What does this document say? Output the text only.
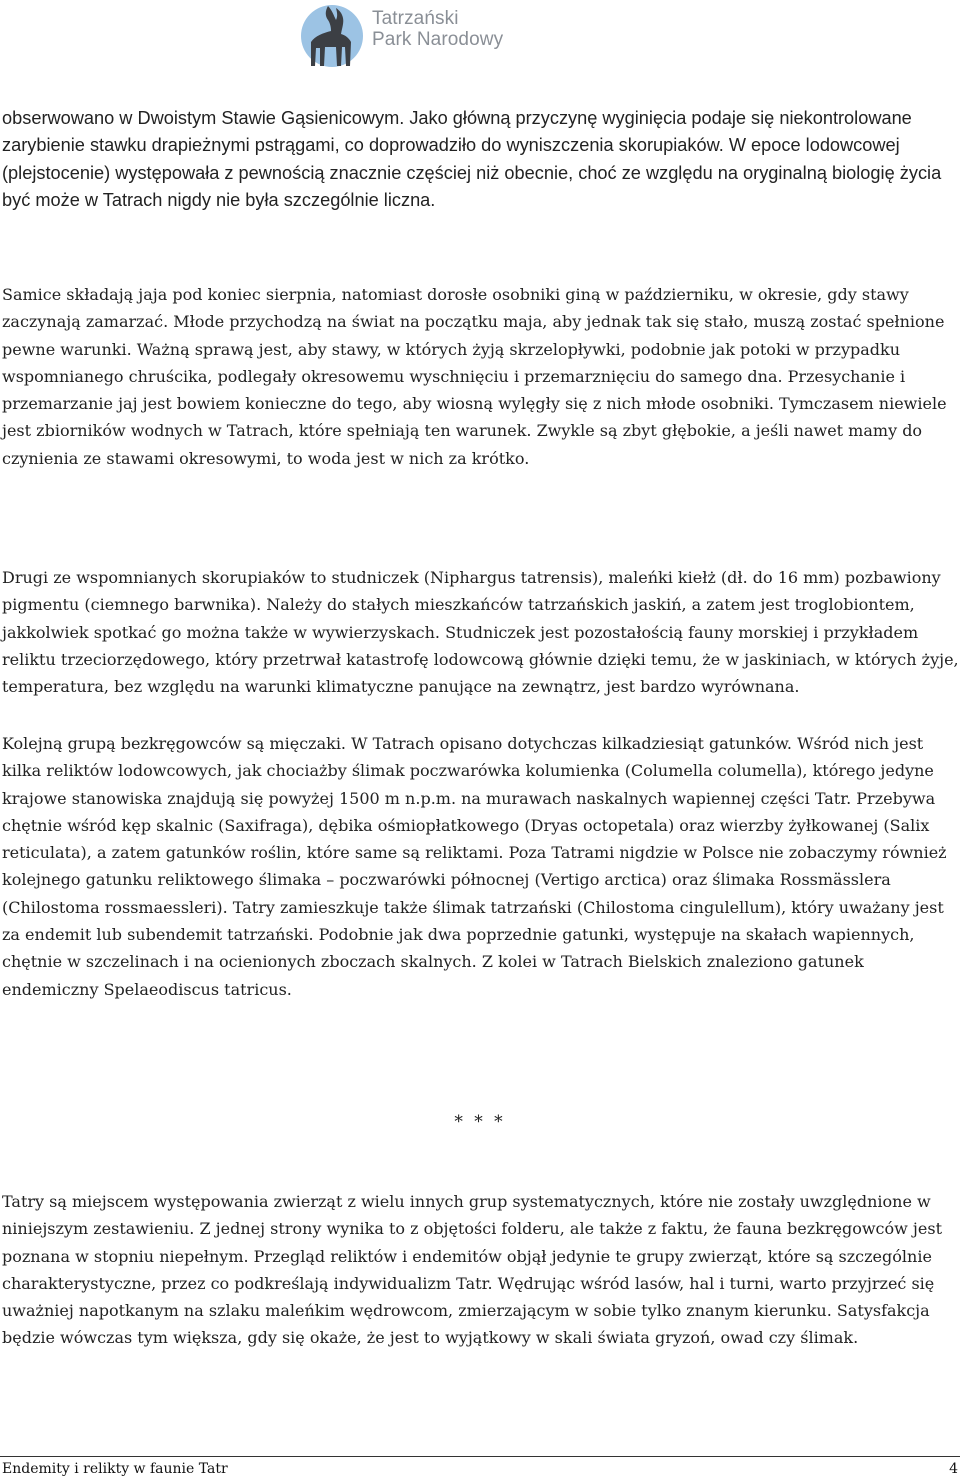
Tatrzański
Park Narodowy

obserwowano w Dwoistym Stawie Gąsienicowym. Jako główną przyczynę wyginięcia podaje się niekontrolowane zarybienie stawku drapieżnymi pstrągami, co doprowadziło do wyniszczenia skorupiaków. W epoce lodowcowej (plejstocenie) występowała z pewnością znacznie częściej niż obecnie, choć ze względu na oryginalną biologię życia być może w Tatrach nigdy nie była szczególnie liczna.

Samice składają jaja pod koniec sierpnia, natomiast dorosłe osobniki giną w październiku, w okresie, gdy stawy zaczynają zamarzać. Młode przychodzą na świat na początku maja, aby jednak tak się stało, muszą zostać spełnione pewne warunki. Ważną sprawą jest, aby stawy, w których żyją skrzelopływki, podobnie jak potoki w przypadku wspomnianego chruścika, podlegały okresowemu wyschnięciu i przemarznięciu do samego dna. Przesychanie i przemarzanie jaj jest bowiem konieczne do tego, aby wiosną wylęgły się z nich młode osobniki. Tymczasem niewiele jest zbiorników wodnych w Tatrach, które spełniają ten warunek. Zwykle są zbyt głębokie, a jeśli nawet mamy do czynienia ze stawami okresowymi, to woda jest w nich za krótko.

Drugi ze wspomnianych skorupiaków to studniczek (Niphargus tatrensis), maleńki kiełż (dł. do 16 mm) pozbawiony pigmentu (ciemnego barwnika). Należy do stałych mieszkańców tatrzańskich jaskiń, a zatem jest troglobiontem, jakkolwiek spotkać go można także w wywierzyskach. Studniczek jest pozostałością fauny morskiej i przykładem reliktu trzeciorzędowego, który przetrwał katastrofę lodowcową głównie dzięki temu, że w jaskiniach, w których żyje, temperatura, bez względu na warunki klimatyczne panujące na zewnątrz, jest bardzo wyrównana.

Kolejną grupą bezkręgowców są mięczaki. W Tatrach opisano dotychczas kilkadziesiąt gatunków. Wśród nich jest kilka reliktów lodowcowych, jak chociażby ślimak poczwarówka kolumienka (Columella columella), którego jedyne krajowe stanowiska znajdują się powyżej 1500 m n.p.m. na murawach naskalnych wapiennej części Tatr. Przebywa chętnie wśród kęp skalnic (Saxifraga), dębika ośmiopłatkowego (Dryas octopetala) oraz wierzby żyłkowanej (Salix reticulata), a zatem gatunków roślin, które same są reliktami. Poza Tatrami nigdzie w Polsce nie zobaczymy również kolejnego gatunku reliktowego ślimaka – poczwarówki północnej (Vertigo arctica) oraz ślimaka Rossmässlera (Chilostoma rossmaessleri). Tatry zamieszkuje także ślimak tatrzański (Chilostoma cingulellum), który uważany jest za endemit lub subendemit tatrzański. Podobnie jak dwa poprzednie gatunki, występuje na skałach wapiennych, chętnie w szczelinach i na ocienionych zboczach skalnych. Z kolei w Tatrach Bielskich znaleziono gatunek endemiczny Spelaeodiscus tatricus.

* * *

Tatry są miejscem występowania zwierząt z wielu innych grup systematycznych, które nie zostały uwzględnione w niniejszym zestawieniu. Z jednej strony wynika to z objętości folderu, ale także z faktu, że fauna bezkręgowców jest poznana w stopniu niepełnym. Przegląd reliktów i endemitów objął jedynie te grupy zwierząt, które są szczególnie charakterystyczne, przez co podkreślają indywidualizm Tatr. Wędrując wśród lasów, hal i turni, warto przyjrzeć się uważniej napotkanym na szlaku maleńkim wędrowcom, zmierzającym w sobie tylko znanym kierunku. Satysfakcja będzie wówczas tym większa, gdy się okaże, że jest to wyjątkowy w skali świata gryzoń, owad czy ślimak.

Endemity i relikty w faunie Tatr	4
